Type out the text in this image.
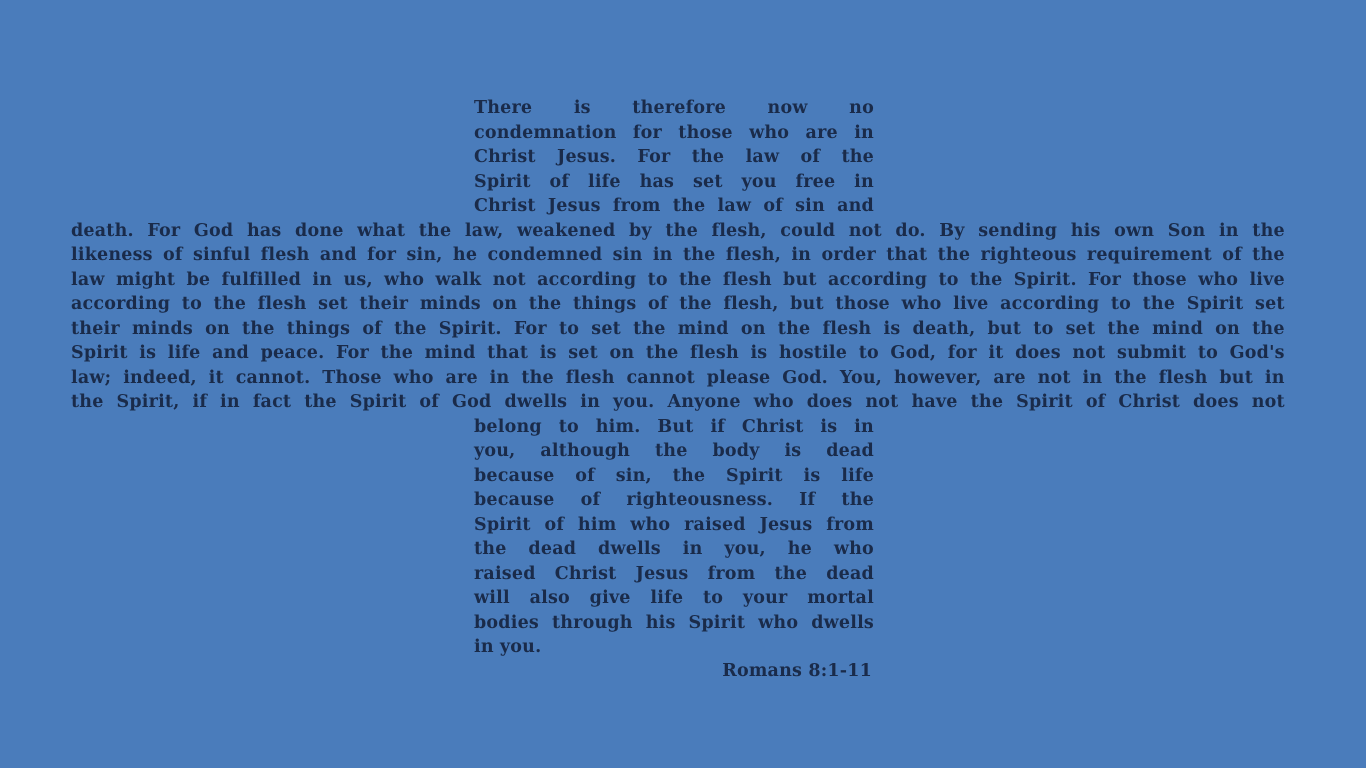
There is therefore now no
condemnation for those who are in
Christ Jesus. For the law of the
Spirit of life has set you free in
Christ Jesus from the law of sin and
death. For God has done what the law, weakened by the flesh, could not do. By sending his own Son in the
likeness of sinful flesh and for sin, he condemned sin in the flesh, in order that the righteous requirement of the
law might be fulfilled in us, who walk not according to the flesh but according to the Spirit. For those who live
according to the flesh set their minds on the things of the flesh, but those who live according to the Spirit set
their minds on the things of the Spirit. For to set the mind on the flesh is death, but to set the mind on the
Spirit is life and peace. For the mind that is set on the flesh is hostile to God, for it does not submit to God's
law; indeed, it cannot. Those who are in the flesh cannot please God. You, however, are not in the flesh but in
the Spirit, if in fact the Spirit of God dwells in you. Anyone who does not have the Spirit of Christ does not
belong to him. But if Christ is in
you, although the body is dead
because of sin, the Spirit is life
because of righteousness. If the
Spirit of him who raised Jesus from
the dead dwells in you, he who
raised Christ Jesus from the dead
will also give life to your mortal
bodies through his Spirit who dwells
in you.
Romans 8:1-11
